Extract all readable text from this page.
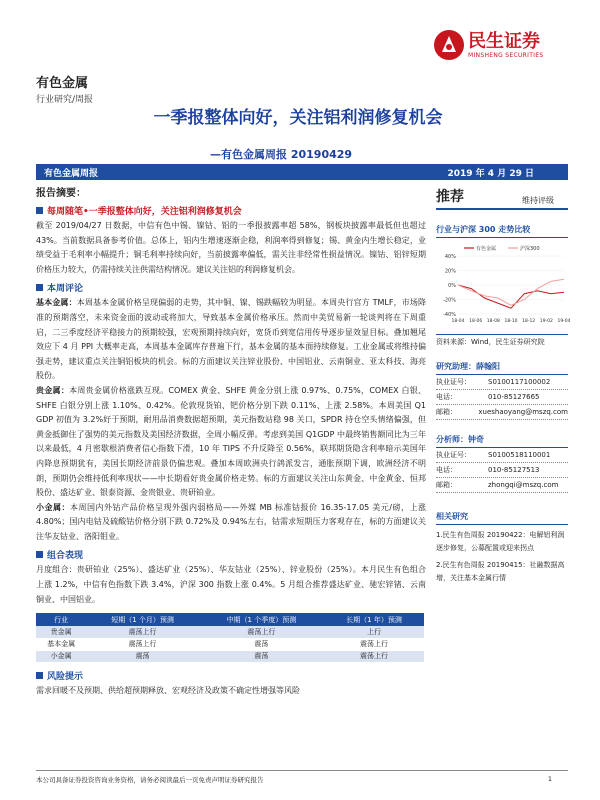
民生证券
MINSHENG SECURITIES
有色金属
行业研究/周报
一季报整体向好，关注铝利润修复机会
—有色金属周报 20190429
有色金属周报	2019 年 4 月 29 日
报告摘要：
每周随笔•一季报整体向好，关注铝利润修复机会
截至 2019/04/27 日数据，中信有色中锡、镍钴、铝的一季报披露率超 58%，钢板块披露率最低但也超过 43%。当前数据具备参考价值。总体上，铝内生增速逐渐企稳，利润率得到修复；锡、黄金内生增长稳定，业绩受益于毛利率小幅提升；铜毛利率持续向好，当前披露率偏低，需关注非经常性损益情况。镍钴、铝锌短期价格压力较大，仍需持续关注供需结构情况。建议关注铝的利润修复机会。
本周评论
基本金属：本周基本金属价格呈现偏弱的走势，其中铜、镍、锡跌幅较为明显。本周央行官方 TMLF，市场降准的预期落空，未来资金面的波动或将加大，导致基本金属价格承压。然而中美贸易新一轮谈判将在下周重启，二三季度经济平稳接力的预期较强，宏观预期持续向好，宽货币到宽信用传导逐步显效显目标。叠加翘尾效应下 4 月 PPI 大概率走高，本周基本金属库存普遍下行，基本金属的基本面持续修复。工业金属或将维持偏强走势，建议重点关注铜铝板块的机会。标的方面建议关注锌业股份、中国铝业、云南铜业、亚太科技、海亮股份。
贵金属：本周贵金属价格涨跌互现。COMEX 黄金、SHFE 黄金分别上涨 0.97%、0.75%，COMEX 白银、SHFE 白银分别上涨 1.10%、0.42%。伦敦现货铂、钯价格分别下跌 0.11%、上涨 2.58%。本周美国 Q1 GDP 初值为 3.2%好于预期，耐用品消费数据超预期，美元指数站稳 98 关口，SPDR 持仓空头情绪偏强，但黄金抵御住了强势的美元指数及美国经济数据，全周小幅反弹。考虑到美国 Q1GDP 中最终销售额同比为三年以来最低，4 月密歇根消费者信心指数下滑，10 年 TIPS 不升反降至 0.56%，联邦期货隐含利率暗示美国年内降息预期犹有，美国长期经济前景仍偏悲观。叠加本周欧洲央行鸽派发言，通胀预期下调，欧洲经济不明朗，预期仍会维持低利率现状——中长期看好贵金属价格走势。标的方面建议关注山东黄金、中金黄金、恒邦股份、盛达矿业、银泰资源、金贵银业、贵研铂业。
小金属：本周国内外钴产品价格呈现外强内弱格局——外媒 MB 标准钴报价 16.35-17.05 美元/磅，上涨 4.80%；国内电钴及硫酸钴价格分别下跌 0.72%及 0.94%左右，钴需求短期压力客观存在，标的方面建议关注华友钴业、洛阳钼业。
组合表现
月度组合：贵研铂业（25%）、盛达矿业（25%）、华友钴业（25%）、锌业股份（25%）。本月民生有色组合上涨 1.2%，中信有色指数下跌 3.4%，沪深 300 指数上涨 0.4%。5 月组合推荐盛达矿业、驰宏锌锗、云南铜业、中国铝业。
行业	短期（1 个月）预测	中期（1 个季度）预测	长期（1 年）预测
贵金属	震荡上行	震荡上行	上行
基本金属	震荡上行	震荡	震荡上行
小金属	震荡	震荡	震荡上行
风险提示
需求回暖不及预期、供给超预期释放、宏观经济及政策不确定性增强等风险
推荐	维持评级
行业与沪深 300 走势比较
40%
20%
0%
-20%
-40%
18-04 18-06 18-08 18-10 18-12 19-02 19-04
有色金属	沪深300
资料来源：Wind，民生证券研究院
研究助理：薛翰阳
执业证号：	S0100117100002
电话：	010-85127665
邮箱：	xueshaoyang@mszq.com
分析师：钟奇
执业证号：	S0100518110001
电话：	010-85127513
邮箱：	zhongqi@mszq.com
相关研究
1.民生有色周报 20190422：电解铝利润逐步修复，公募配置或迎来拐点
2.民生有色周报 20190415：社融数据高增，关注基本金属行情
本公司具备证券投资咨询业务资格，请务必阅读最后一页免责声明证券研究报告	1
